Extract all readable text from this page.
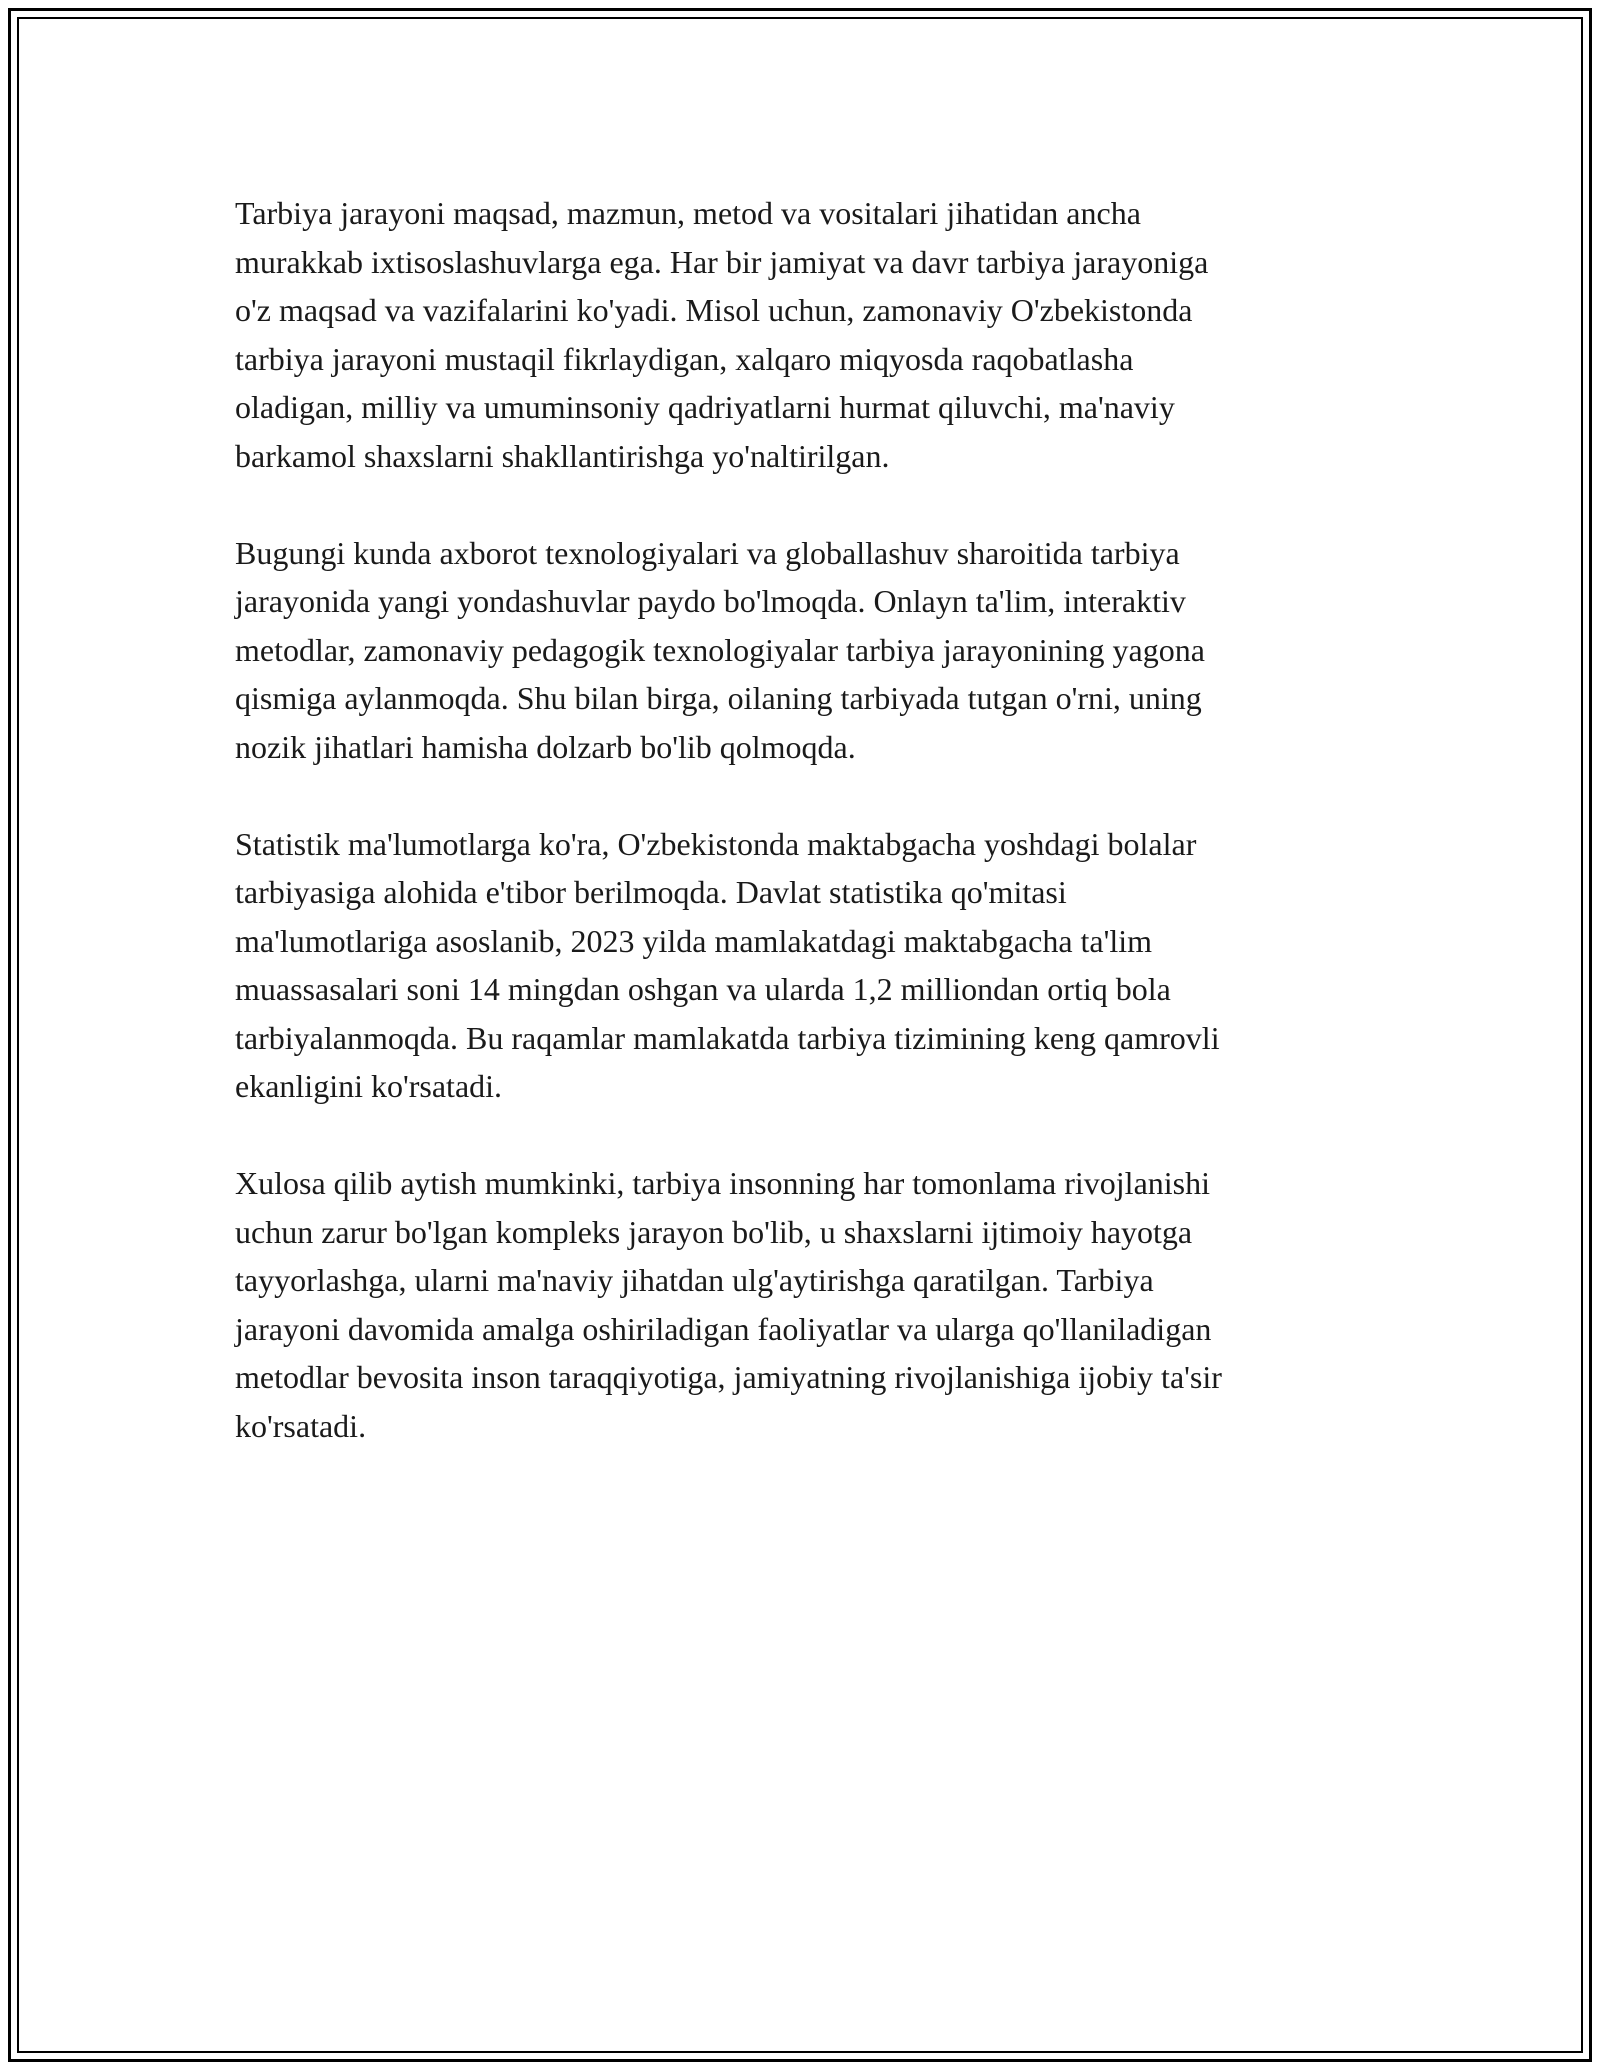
Tarbiya jarayoni maqsad, mazmun, metod va vositalari jihatidan ancha
murakkab ixtisoslashuvlarga ega. Har bir jamiyat va davr tarbiya jarayoniga
o'z maqsad va vazifalarini ko'yadi. Misol uchun, zamonaviy O'zbekistonda
tarbiya jarayoni mustaqil fikrlaydigan, xalqaro miqyosda raqobatlasha
oladigan, milliy va umuminsoniy qadriyatlarni hurmat qiluvchi, ma'naviy
barkamol shaxslarni shakllantirishga yo'naltirilgan.

Bugungi kunda axborot texnologiyalari va globallashuv sharoitida tarbiya
jarayonida yangi yondashuvlar paydo bo'lmoqda. Onlayn ta'lim, interaktiv
metodlar, zamonaviy pedagogik texnologiyalar tarbiya jarayonining yagona
qismiga aylanmoqda. Shu bilan birga, oilaning tarbiyada tutgan o'rni, uning
nozik jihatlari hamisha dolzarb bo'lib qolmoqda.

Statistik ma'lumotlarga ko'ra, O'zbekistonda maktabgacha yoshdagi bolalar
tarbiyasiga alohida e'tibor berilmoqda. Davlat statistika qo'mitasi
ma'lumotlariga asoslanib, 2023 yilda mamlakatdagi maktabgacha ta'lim
muassasalari soni 14 mingdan oshgan va ularda 1,2 milliondan ortiq bola
tarbiyalanmoqda. Bu raqamlar mamlakatda tarbiya tizimining keng qamrovli
ekanligini ko'rsatadi.

Xulosa qilib aytish mumkinki, tarbiya insonning har tomonlama rivojlanishi
uchun zarur bo'lgan kompleks jarayon bo'lib, u shaxslarni ijtimoiy hayotga
tayyorlashga, ularni ma'naviy jihatdan ulg'aytirishga qaratilgan. Tarbiya
jarayoni davomida amalga oshiriladigan faoliyatlar va ularga qo'llaniladigan
metodlar bevosita inson taraqqiyotiga, jamiyatning rivojlanishiga ijobiy ta'sir
ko'rsatadi.
